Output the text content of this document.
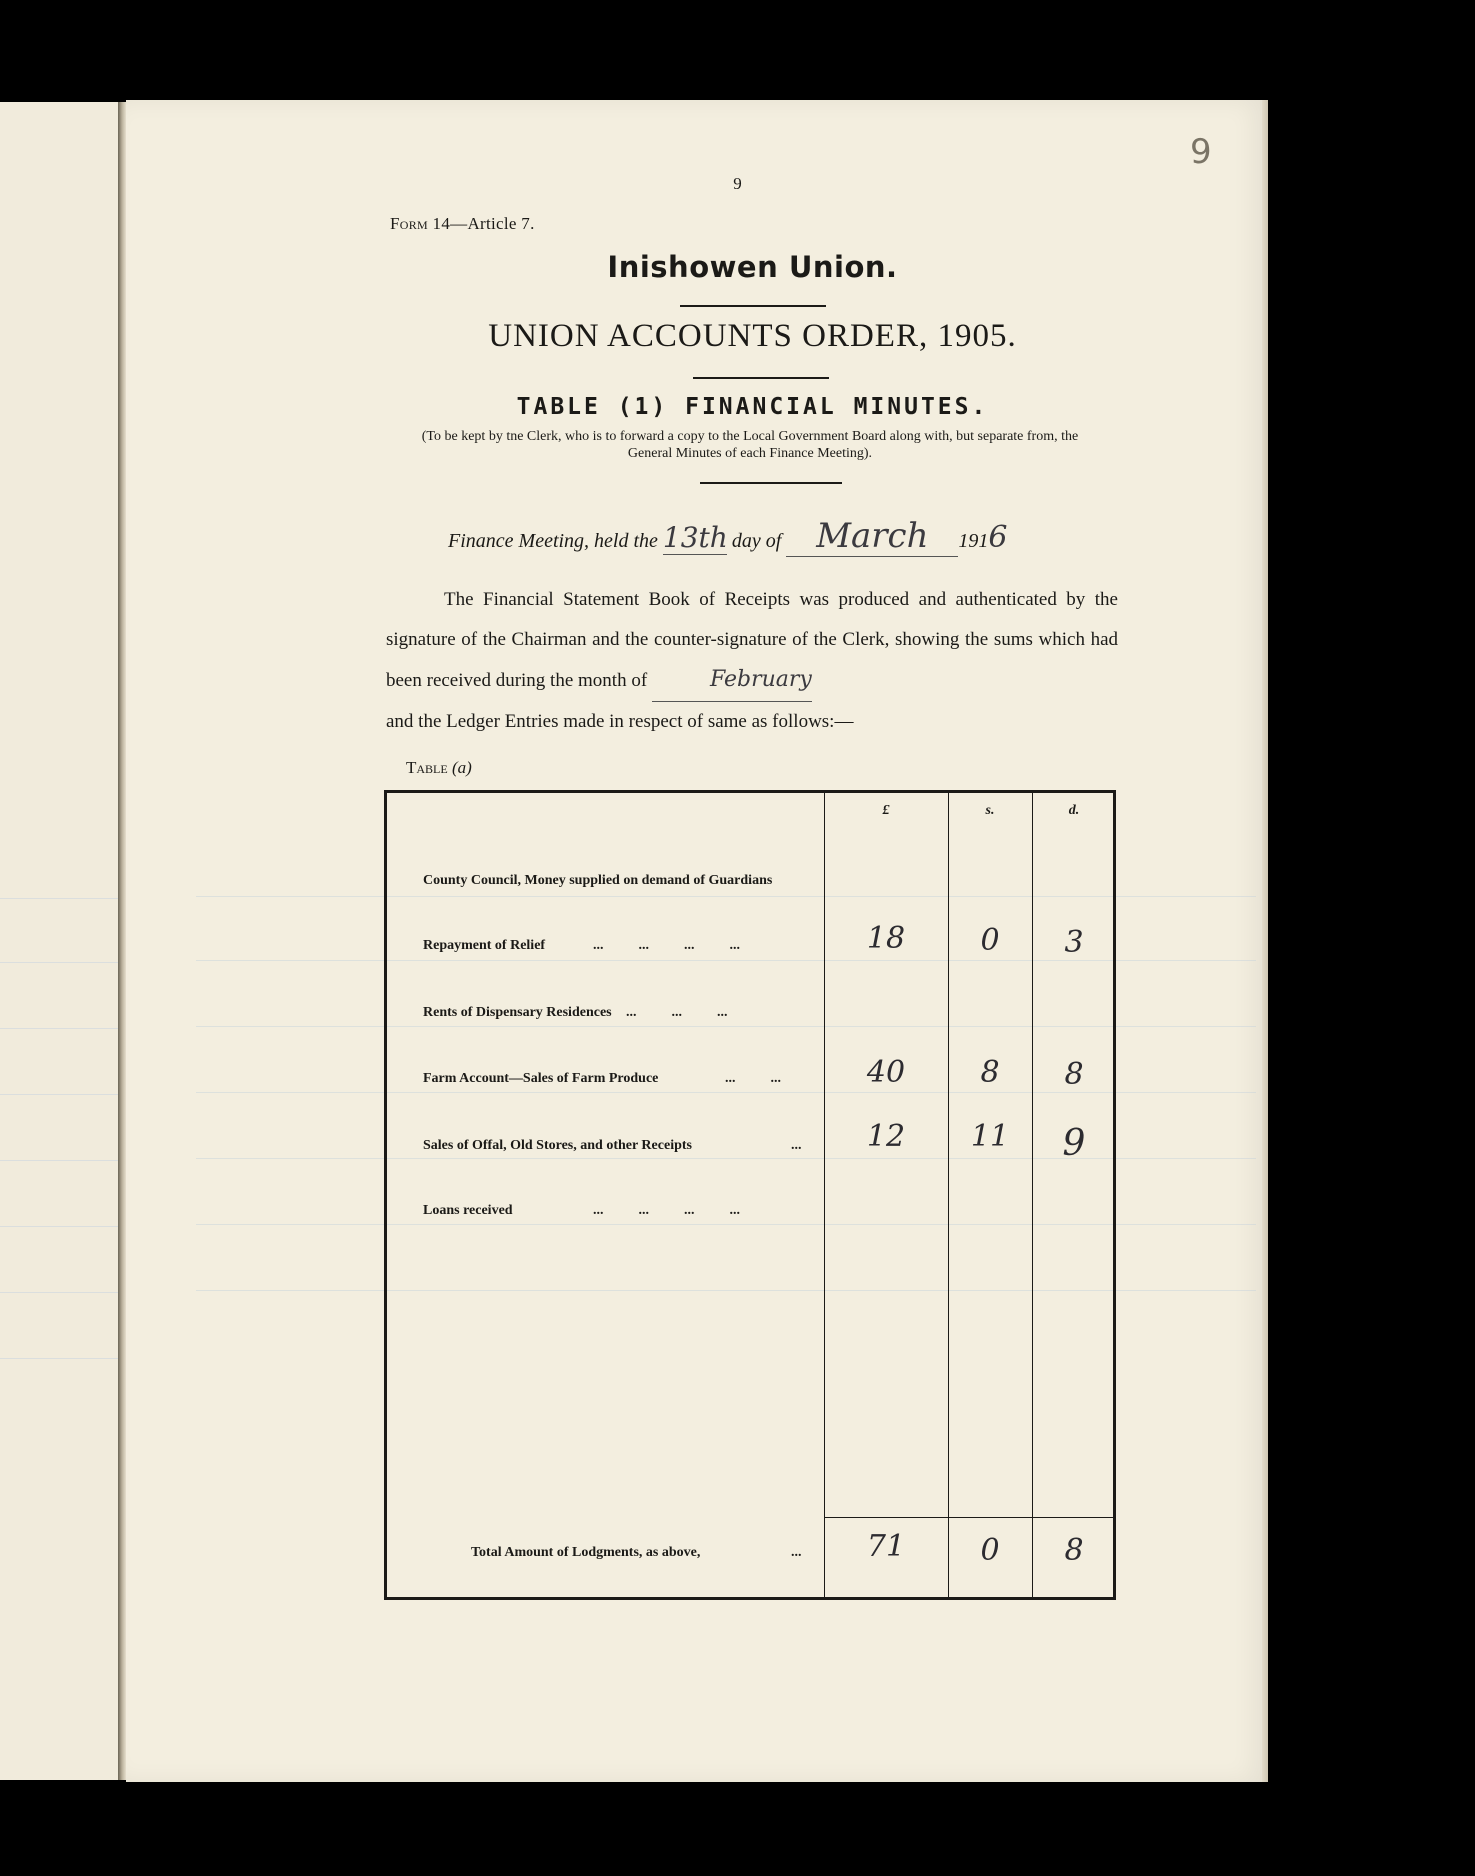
9
9
Form 14—Article 7.
Inishowen Union.
UNION ACCOUNTS ORDER, 1905.
TABLE (1) FINANCIAL MINUTES.
(To be kept by tne Clerk, who is to forward a copy to the Local Government Board along with, but separate from, the General Minutes of each Finance Meeting).
Finance Meeting, held the 13th day of March 1916

The Financial Statement Book of Receipts was produced and authenticated by the signature of the Chairman and the counter-signature of the Clerk, showing the sums which had been received during the month of	February

and the Ledger Entries made in respect of same as follows:—
Table (a)
£	s.	d.
County Council, Money supplied on demand of Guardians
Repayment of Relief	...          ...          ...          ...	18	0	3
Rents of Dispensary Residences ...          ...          ...
Farm Account—Sales of Farm Produce	...          ...	40	8	8
Sales of Offal, Old Stores, and other Receipts	...	12	11	9
Loans received	...          ...          ...          ...
Total Amount of Lodgments, as above,	...	71	0	8
